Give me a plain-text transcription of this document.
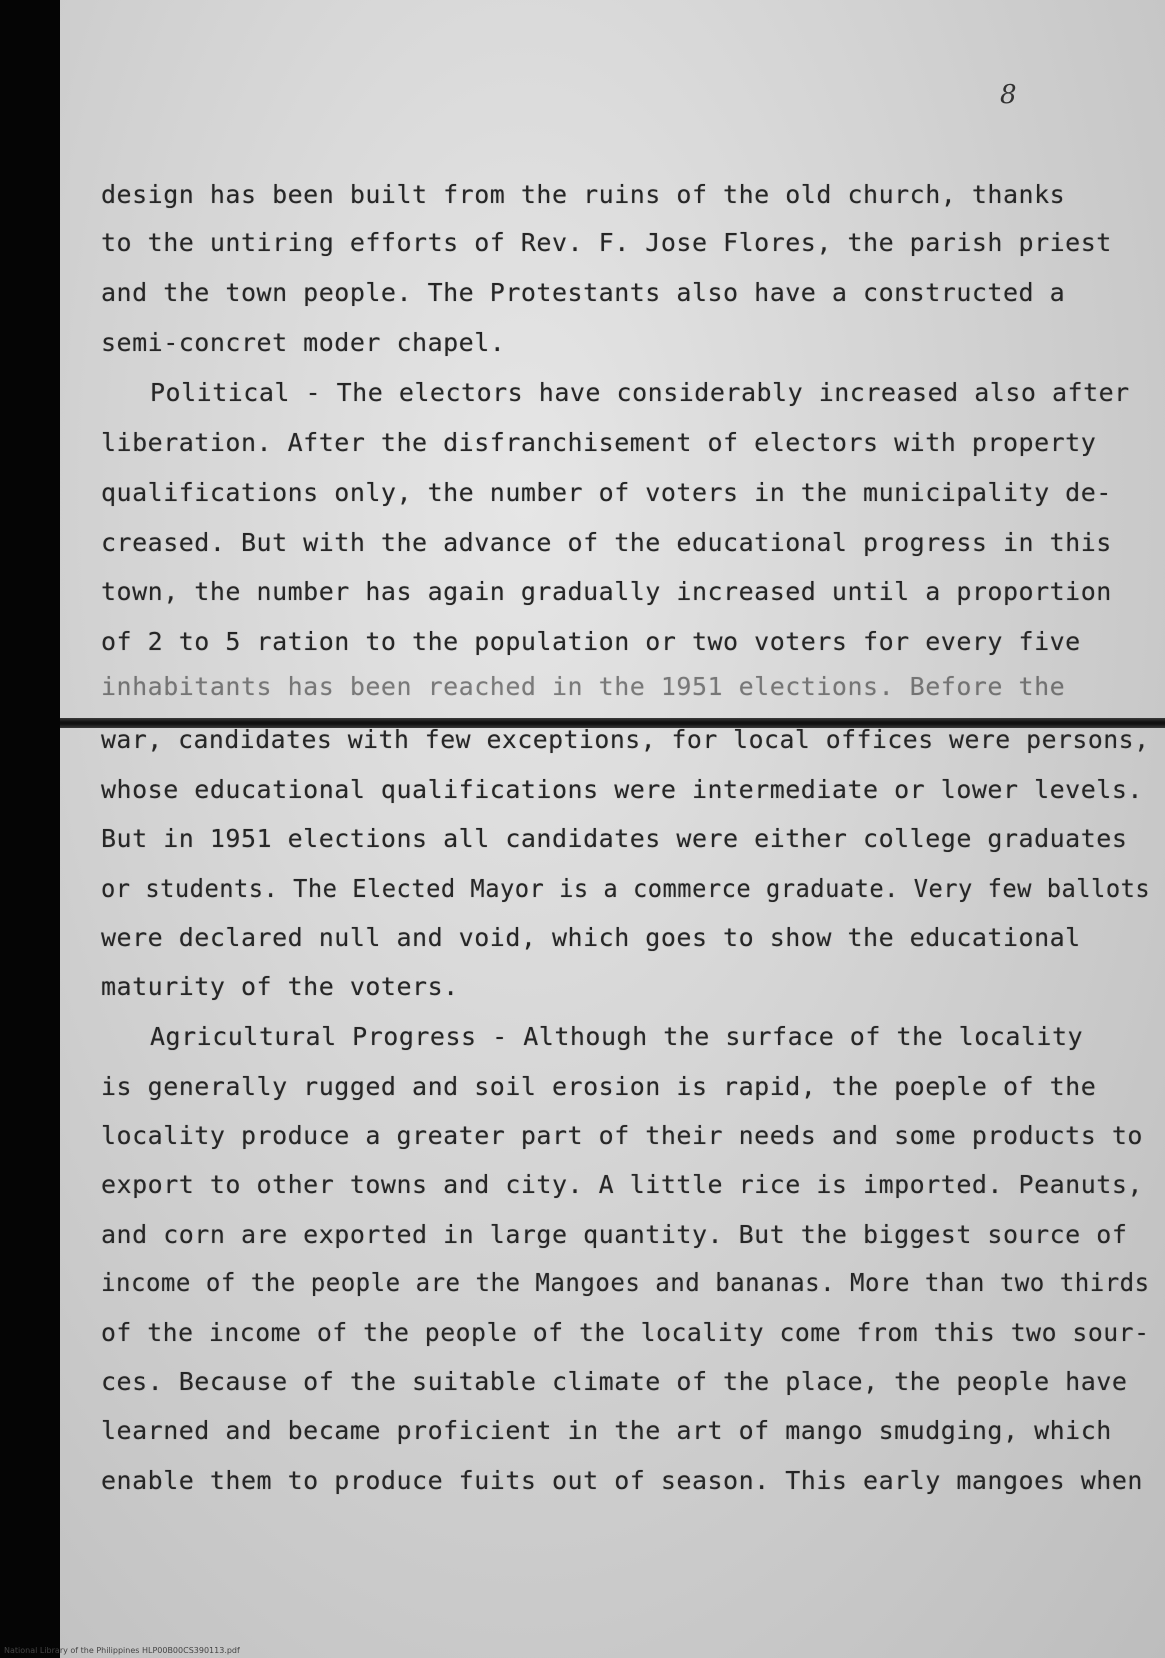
8
design has been built from the ruins of the old church, thanks
to the untiring efforts of Rev. F. Jose Flores, the parish priest
and the town people. The Protestants also have a constructed a
semi-concret moder chapel.
Political - The electors have considerably increased also after
liberation. After the disfranchisement of electors with property
qualifications only, the number of voters in the municipality de-
creased. But with the advance of the educational progress in this
town, the number has again gradually increased until a proportion
of 2 to 5 ration to the population or two voters for every five
inhabitants has been reached in the 1951 elections. Before the
war, candidates with few exceptions, for local offices were persons,
whose educational qualifications were intermediate or lower levels.
But in 1951 elections all candidates were either college graduates
or students. The Elected Mayor is a commerce graduate. Very few ballots
were declared null and void, which goes to show the educational
maturity of the voters.
Agricultural Progress - Although the surface of the locality
is generally rugged and soil erosion is rapid, the poeple of the
locality produce a greater part of their needs and some products to
export to other towns and city. A little rice is imported. Peanuts,
and corn are exported in large quantity. But the biggest source of
income of the people are the Mangoes and bananas. More than two thirds
of the income of the people of the locality come from this two sour-
ces. Because of the suitable climate of the place, the people have
learned and became proficient in the art of mango smudging, which
enable them to produce fuits out of season. This early mangoes when
National Library of the Philippines HLP00B00CS390113.pdf
